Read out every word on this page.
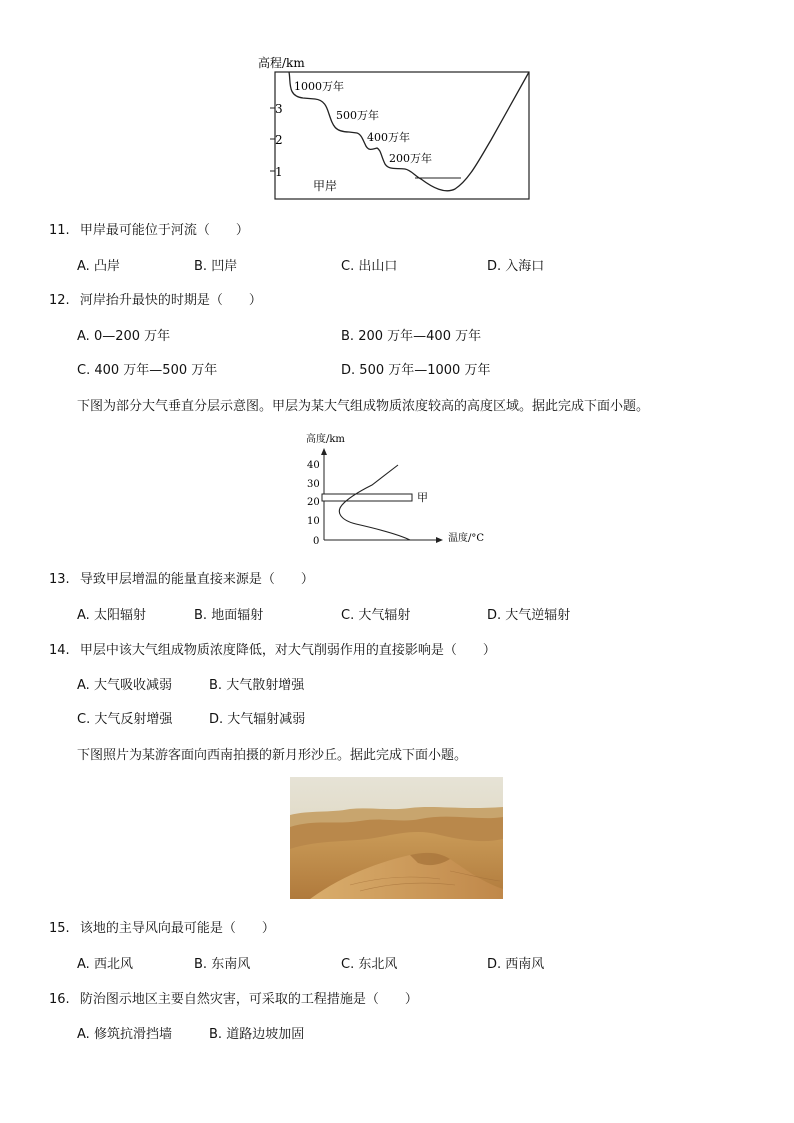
高程/km
3
2
1
1000万年
500万年
400万年
200万年
甲岸
11. 甲岸最可能位于河流（　　）
A. 凸岸	B. 凹岸	C. 出山口	D. 入海口
12. 河岸抬升最快的时期是（　　）
A. 0—200 万年	B. 200 万年—400 万年
C. 400 万年—500 万年	D. 500 万年—1000 万年
下图为部分大气垂直分层示意图。甲层为某大气组成物质浓度较高的高度区域。据此完成下面小题。
高度/km
40
30
20
10
0
甲
温度/°C
13. 导致甲层增温的能量直接来源是（　　）
A. 太阳辐射	B. 地面辐射	C. 大气辐射	D. 大气逆辐射
14. 甲层中该大气组成物质浓度降低，对大气削弱作用的直接影响是（　　）
A. 大气吸收减弱	B. 大气散射增强
C. 大气反射增强	D. 大气辐射减弱
下图照片为某游客面向西南拍摄的新月形沙丘。据此完成下面小题。
15. 该地的主导风向最可能是（　　）
A. 西北风	B. 东南风	C. 东北风	D. 西南风
16. 防治图示地区主要自然灾害，可采取的工程措施是（　　）
A. 修筑抗滑挡墙	B. 道路边坡加固
